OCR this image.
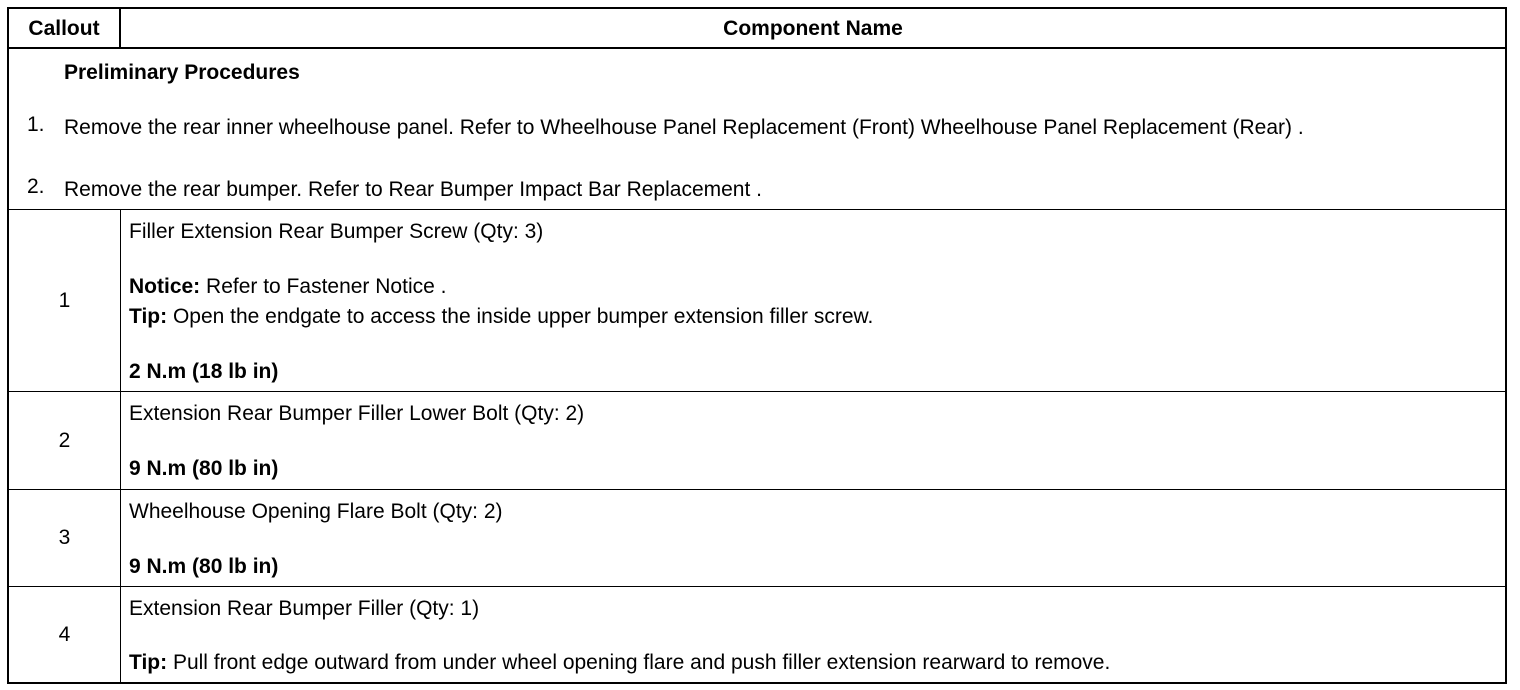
Callout	Component Name
Preliminary Procedures
1. Remove the rear inner wheelhouse panel. Refer to Wheelhouse Panel Replacement (Front) Wheelhouse Panel Replacement (Rear) .
2. Remove the rear bumper. Refer to Rear Bumper Impact Bar Replacement .
1
Filler Extension Rear Bumper Screw (Qty: 3)
Notice: Refer to Fastener Notice .
Tip: Open the endgate to access the inside upper bumper extension filler screw.
2 N.m (18 lb in)
2
Extension Rear Bumper Filler Lower Bolt (Qty: 2)
9 N.m (80 lb in)
3
Wheelhouse Opening Flare Bolt (Qty: 2)
9 N.m (80 lb in)
4
Extension Rear Bumper Filler (Qty: 1)
Tip: Pull front edge outward from under wheel opening flare and push filler extension rearward to remove.
